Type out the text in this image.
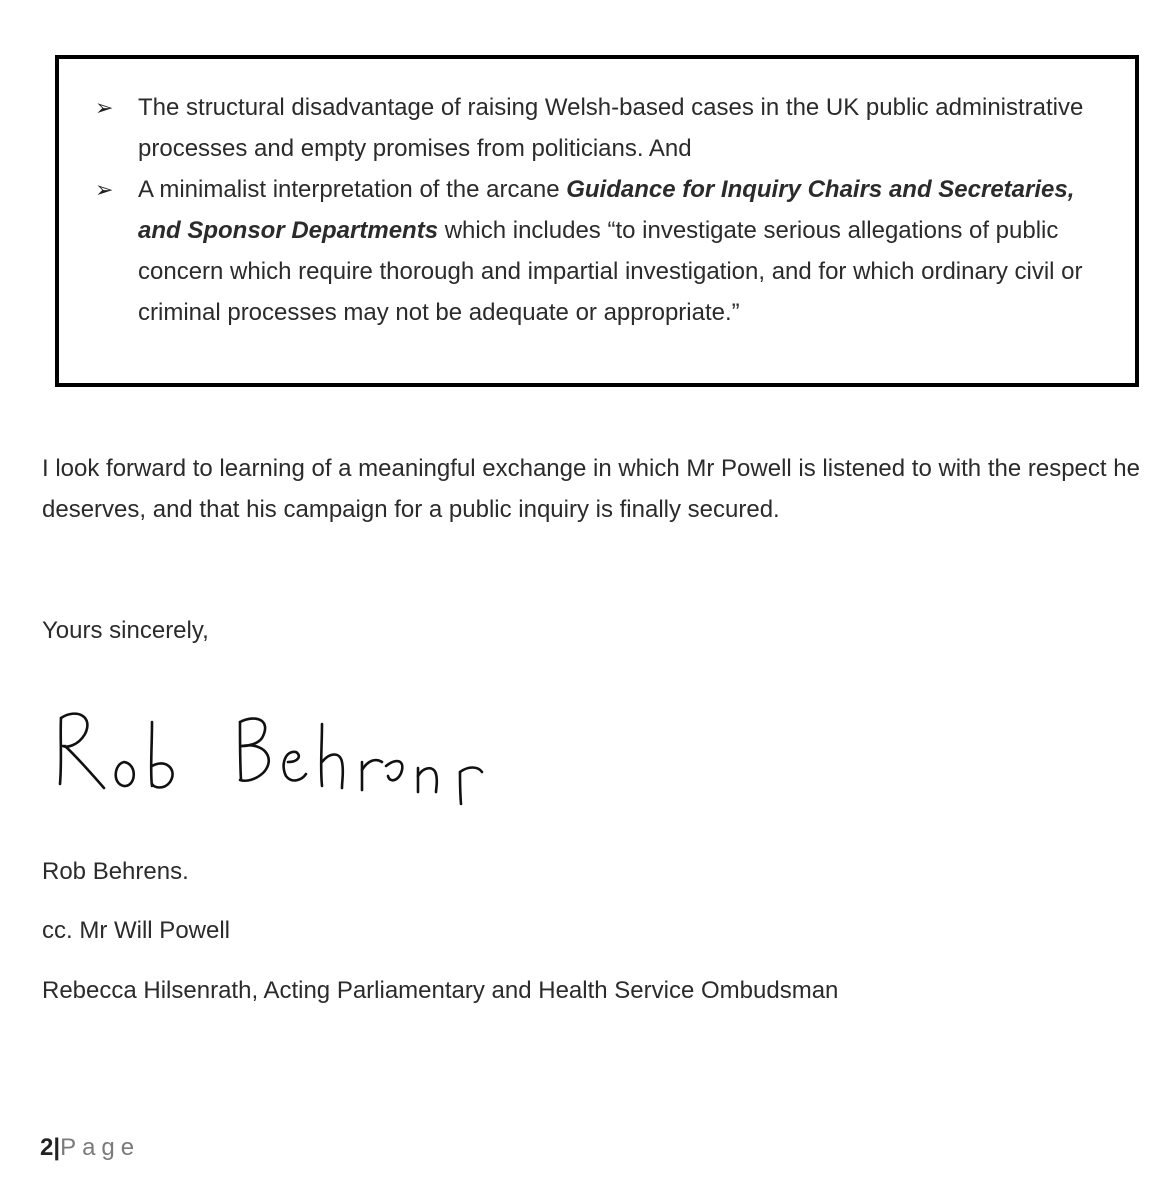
➢ The structural disadvantage of raising Welsh-based cases in the UK public administrative processes and empty promises from politicians. And
➢ A minimalist interpretation of the arcane Guidance for Inquiry Chairs and Secretaries, and Sponsor Departments which includes “to investigate serious allegations of public concern which require thorough and impartial investigation, and for which ordinary civil or criminal processes may not be adequate or appropriate.”
I look forward to learning of a meaningful exchange in which Mr Powell is listened to with the respect he deserves, and that his campaign for a public inquiry is finally secured.
Yours sincerely,
Rob Behrens.
cc. Mr Will Powell
Rebecca Hilsenrath, Acting Parliamentary and Health Service Ombudsman
2|Page
